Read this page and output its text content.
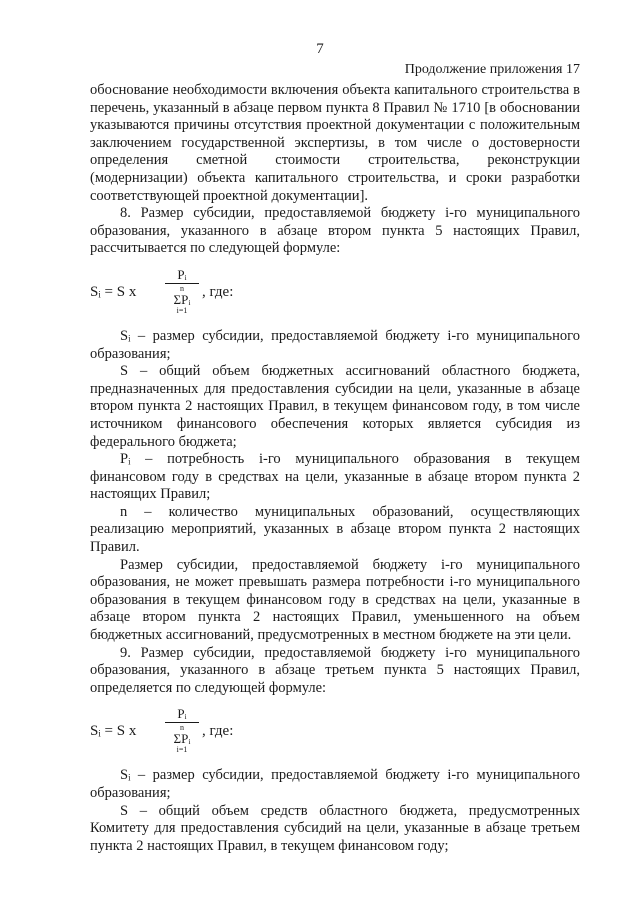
7
Продолжение приложения 17

обоснование необходимости включения объекта капитального строительства в перечень, указанный в абзаце первом пункта 8 Правил № 1710 [в обосновании указываются причины отсутствия проектной документации с положительным заключением государственной экспертизы, в том числе о достоверности определения сметной стоимости строительства, реконструкции (модернизации) объекта капитального строительства, и сроки разработки соответствующей проектной документации].

8. Размер субсидии, предоставляемой бюджету i-го муниципального образования, указанного в абзаце втором пункта 5 настоящих Правил, рассчитывается по следующей формуле:

Sᵢ = S x
Pᵢ
n
ΣPᵢ
i=1
, где:

Sᵢ – размер субсидии, предоставляемой бюджету i-го муниципального образования;

S – общий объем бюджетных ассигнований областного бюджета, предназначенных для предоставления субсидии на цели, указанные в абзаце втором пункта 2 настоящих Правил, в текущем финансовом году, в том числе источником финансового обеспечения которых является субсидия из федерального бюджета;

Pᵢ – потребность i-го муниципального образования в текущем финансовом году в средствах на цели, указанные в абзаце втором пункта 2 настоящих Правил;

n – количество муниципальных образований, осуществляющих реализацию мероприятий, указанных в абзаце втором пункта 2 настоящих Правил.

Размер субсидии, предоставляемой бюджету i-го муниципального образования, не может превышать размера потребности i-го муниципального образования в текущем финансовом году в средствах на цели, указанные в абзаце втором пункта 2 настоящих Правил, уменьшенного на объем бюджетных ассигнований, предусмотренных в местном бюджете на эти цели.

9. Размер субсидии, предоставляемой бюджету i-го муниципального образования, указанного в абзаце третьем пункта 5 настоящих Правил, определяется по следующей формуле:

Sᵢ = S x
Pᵢ
n
ΣPᵢ
i=1
, где:

Sᵢ – размер субсидии, предоставляемой бюджету i-го муниципального образования;

S – общий объем средств областного бюджета, предусмотренных Комитету для предоставления субсидий на цели, указанные в абзаце третьем пункта 2 настоящих Правил, в текущем финансовом году;
